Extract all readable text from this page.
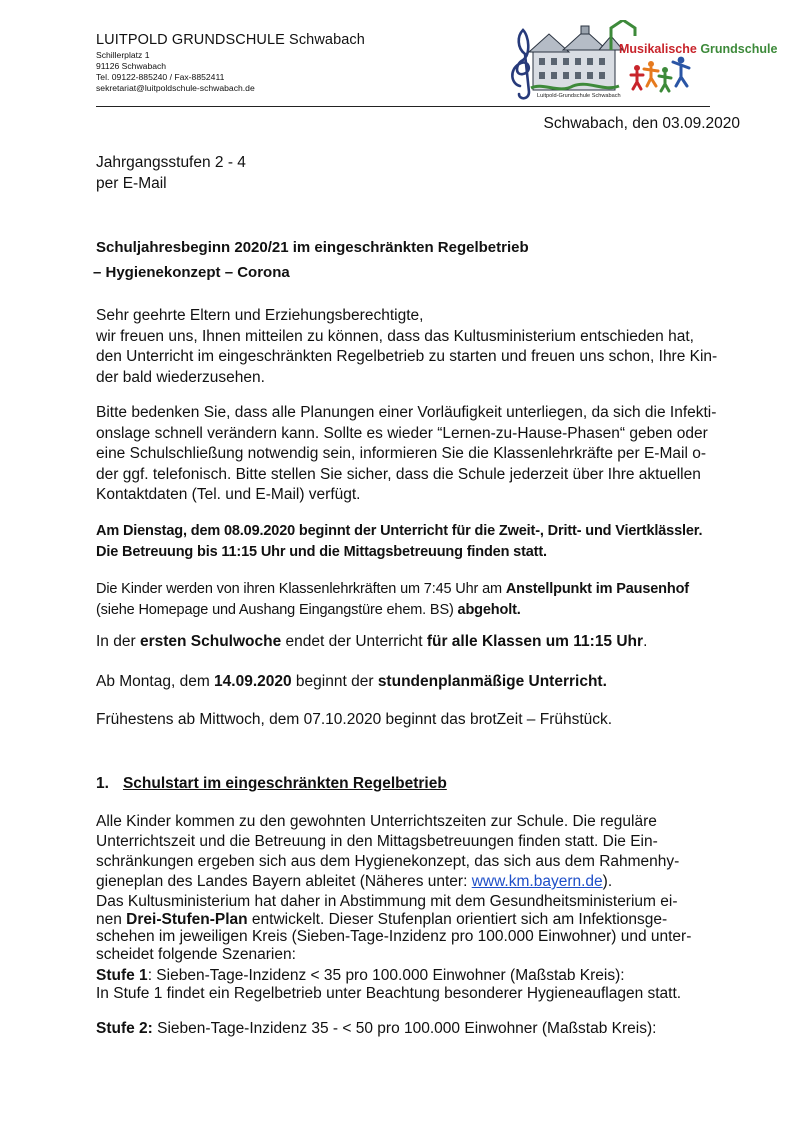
LUITPOLD GRUNDSCHULE Schwabach
Schillerplatz 1
91126 Schwabach
Tel. 09122-885240 / Fax-8852411
sekretariat@luitpoldschule-schwabach.de
Musikalische Grundschule
Luitpold-Grundschule Schwabach
Schwabach, den 03.09.2020
Jahrgangsstufen 2 - 4
per E-Mail
Schuljahresbeginn 2020/21 im eingeschränkten Regelbetrieb
– Hygienekonzept – Corona
Sehr geehrte Eltern und Erziehungsberechtigte,
wir freuen uns, Ihnen mitteilen zu können, dass das Kultusministerium entschieden hat,
den Unterricht im eingeschränkten Regelbetrieb zu starten und freuen uns schon, Ihre Kin-
der bald wiederzusehen.
Bitte bedenken Sie, dass alle Planungen einer Vorläufigkeit unterliegen, da sich die Infekti-
onslage schnell verändern kann. Sollte es wieder “Lernen-zu-Hause-Phasen“ geben oder
eine Schulschließung notwendig sein, informieren Sie die Klassenlehrkräfte per E-Mail o-
der ggf. telefonisch. Bitte stellen Sie sicher, dass die Schule jederzeit über Ihre aktuellen
Kontaktdaten (Tel. und E-Mail) verfügt.
Am Dienstag, dem 08.09.2020 beginnt der Unterricht für die Zweit-, Dritt- und Viertklässler.
Die Betreuung bis 11:15 Uhr und die Mittagsbetreuung finden statt.
Die Kinder werden von ihren Klassenlehrkräften um 7:45 Uhr am Anstellpunkt im Pausenhof
(siehe Homepage und Aushang Eingangstüre ehem. BS) abgeholt.
In der ersten Schulwoche endet der Unterricht für alle Klassen um 11:15 Uhr.
Ab Montag, dem 14.09.2020 beginnt der stundenplanmäßige Unterricht.
Frühestens ab Mittwoch, dem 07.10.2020 beginnt das brotZeit – Frühstück.
1. Schulstart im eingeschränkten Regelbetrieb
Alle Kinder kommen zu den gewohnten Unterrichtszeiten zur Schule. Die reguläre
Unterrichtszeit und die Betreuung in den Mittagsbetreuungen finden statt. Die Ein-
schränkungen ergeben sich aus dem Hygienekonzept, das sich aus dem Rahmenhy-
gieneplan des Landes Bayern ableitet (Näheres unter: www.km.bayern.de).
Das Kultusministerium hat daher in Abstimmung mit dem Gesundheitsministerium ei-
nen Drei-Stufen-Plan entwickelt. Dieser Stufenplan orientiert sich am Infektionsge-
schehen im jeweiligen Kreis (Sieben-Tage-Inzidenz pro 100.000 Einwohner) und unter-
scheidet folgende Szenarien:
Stufe 1: Sieben-Tage-Inzidenz < 35 pro 100.000 Einwohner (Maßstab Kreis):
In Stufe 1 findet ein Regelbetrieb unter Beachtung besonderer Hygieneauflagen statt.
Stufe 2: Sieben-Tage-Inzidenz 35 - < 50 pro 100.000 Einwohner (Maßstab Kreis):
